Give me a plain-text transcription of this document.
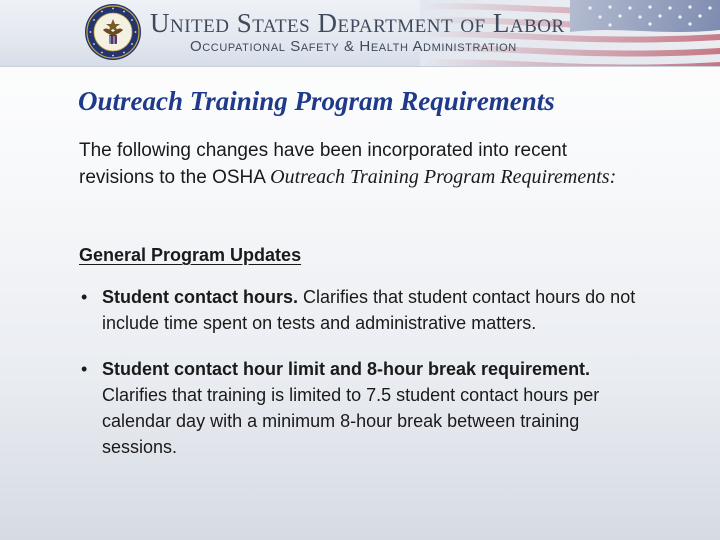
United States Department of Labor
Occupational Safety & Health Administration
Outreach Training Program Requirements

The following changes have been incorporated into recent revisions to the OSHA Outreach Training Program Requirements:

General Program Updates
• Student contact hours. Clarifies that student contact hours do not include time spent on tests and administrative matters.
• Student contact hour limit and 8-hour break requirement. Clarifies that training is limited to 7.5 student contact hours per calendar day with a minimum 8-hour break between training sessions.
